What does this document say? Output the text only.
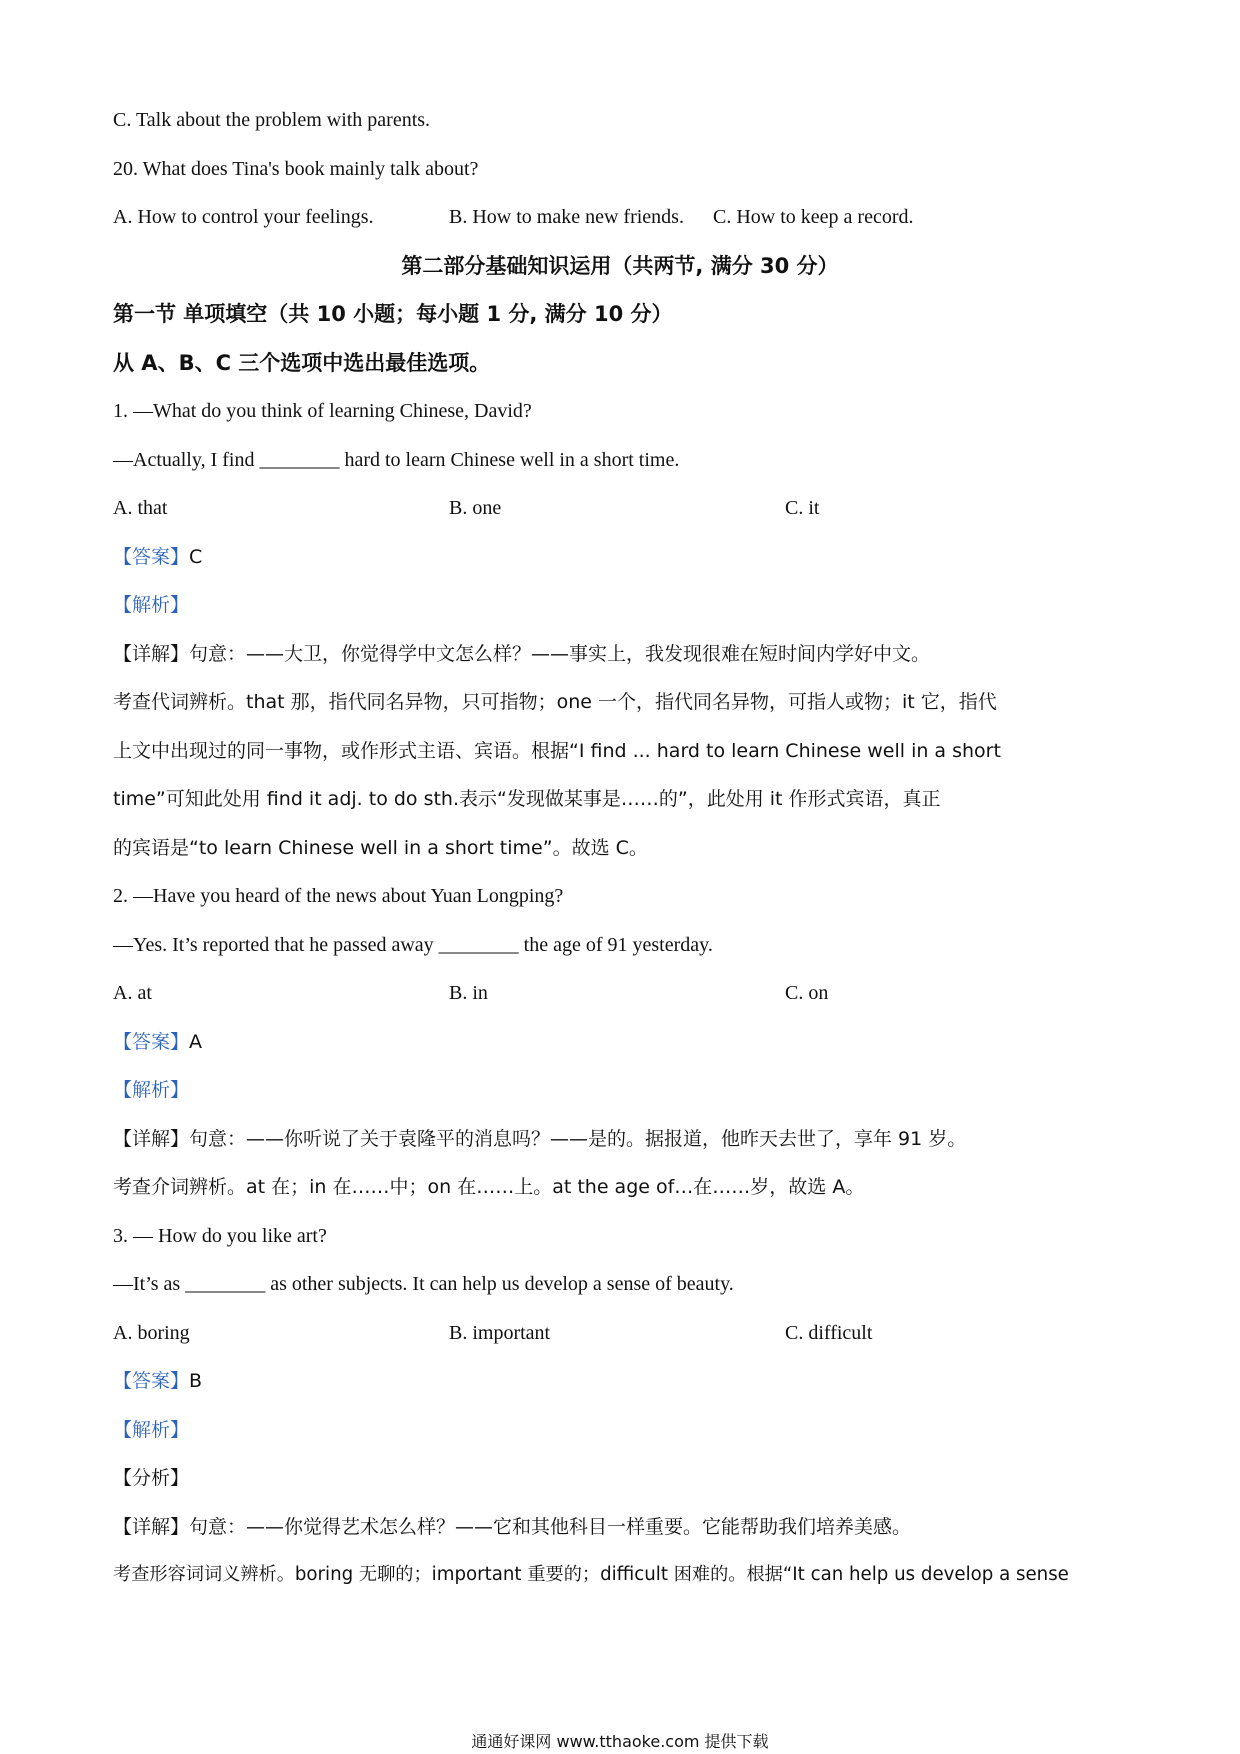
C. Talk about the problem with parents.
20. What does Tina's book mainly talk about?
A. How to control your feelings.	B. How to make new friends. C. How to keep a record.
第二部分基础知识运用（共两节, 满分 30 分）
第一节 单项填空（共 10 小题；每小题 1 分, 满分 10 分）
从 A、B、C 三个选项中选出最佳选项。
1. —What do you think of learning Chinese, David?
—Actually, I find ________ hard to learn Chinese well in a short time.
A. that	B. one	C. it
【答案】C
【解析】
【详解】句意：——大卫，你觉得学中文怎么样？——事实上，我发现很难在短时间内学好中文。
考查代词辨析。that 那，指代同名异物，只可指物；one 一个，指代同名异物，可指人或物；it 它，指代
上文中出现过的同一事物，或作形式主语、宾语。根据“I find ... hard to learn Chinese well in a short
time”可知此处用 find it adj. to do sth.表示“发现做某事是……的”，此处用 it 作形式宾语，真正
的宾语是“to learn Chinese well in a short time”。故选 C。
2. —Have you heard of the news about Yuan Longping?
—Yes. It’s reported that he passed away ________ the age of 91 yesterday.
A. at	B. in	C. on
【答案】A
【解析】
【详解】句意：——你听说了关于袁隆平的消息吗？——是的。据报道，他昨天去世了，享年 91 岁。
考查介词辨析。at 在；in 在……中；on 在……上。at the age of…在……岁，故选 A。
3. — How do you like art?
—It’s as ________ as other subjects. It can help us develop a sense of beauty.
A. boring	B. important	C. difficult
【答案】B
【解析】
【分析】
【详解】句意：——你觉得艺术怎么样？——它和其他科目一样重要。它能帮助我们培养美感。
考查形容词词义辨析。boring 无聊的；important 重要的；difficult 困难的。根据“It can help us develop a sense
通通好课网 www.tthaoke.com 提供下载
